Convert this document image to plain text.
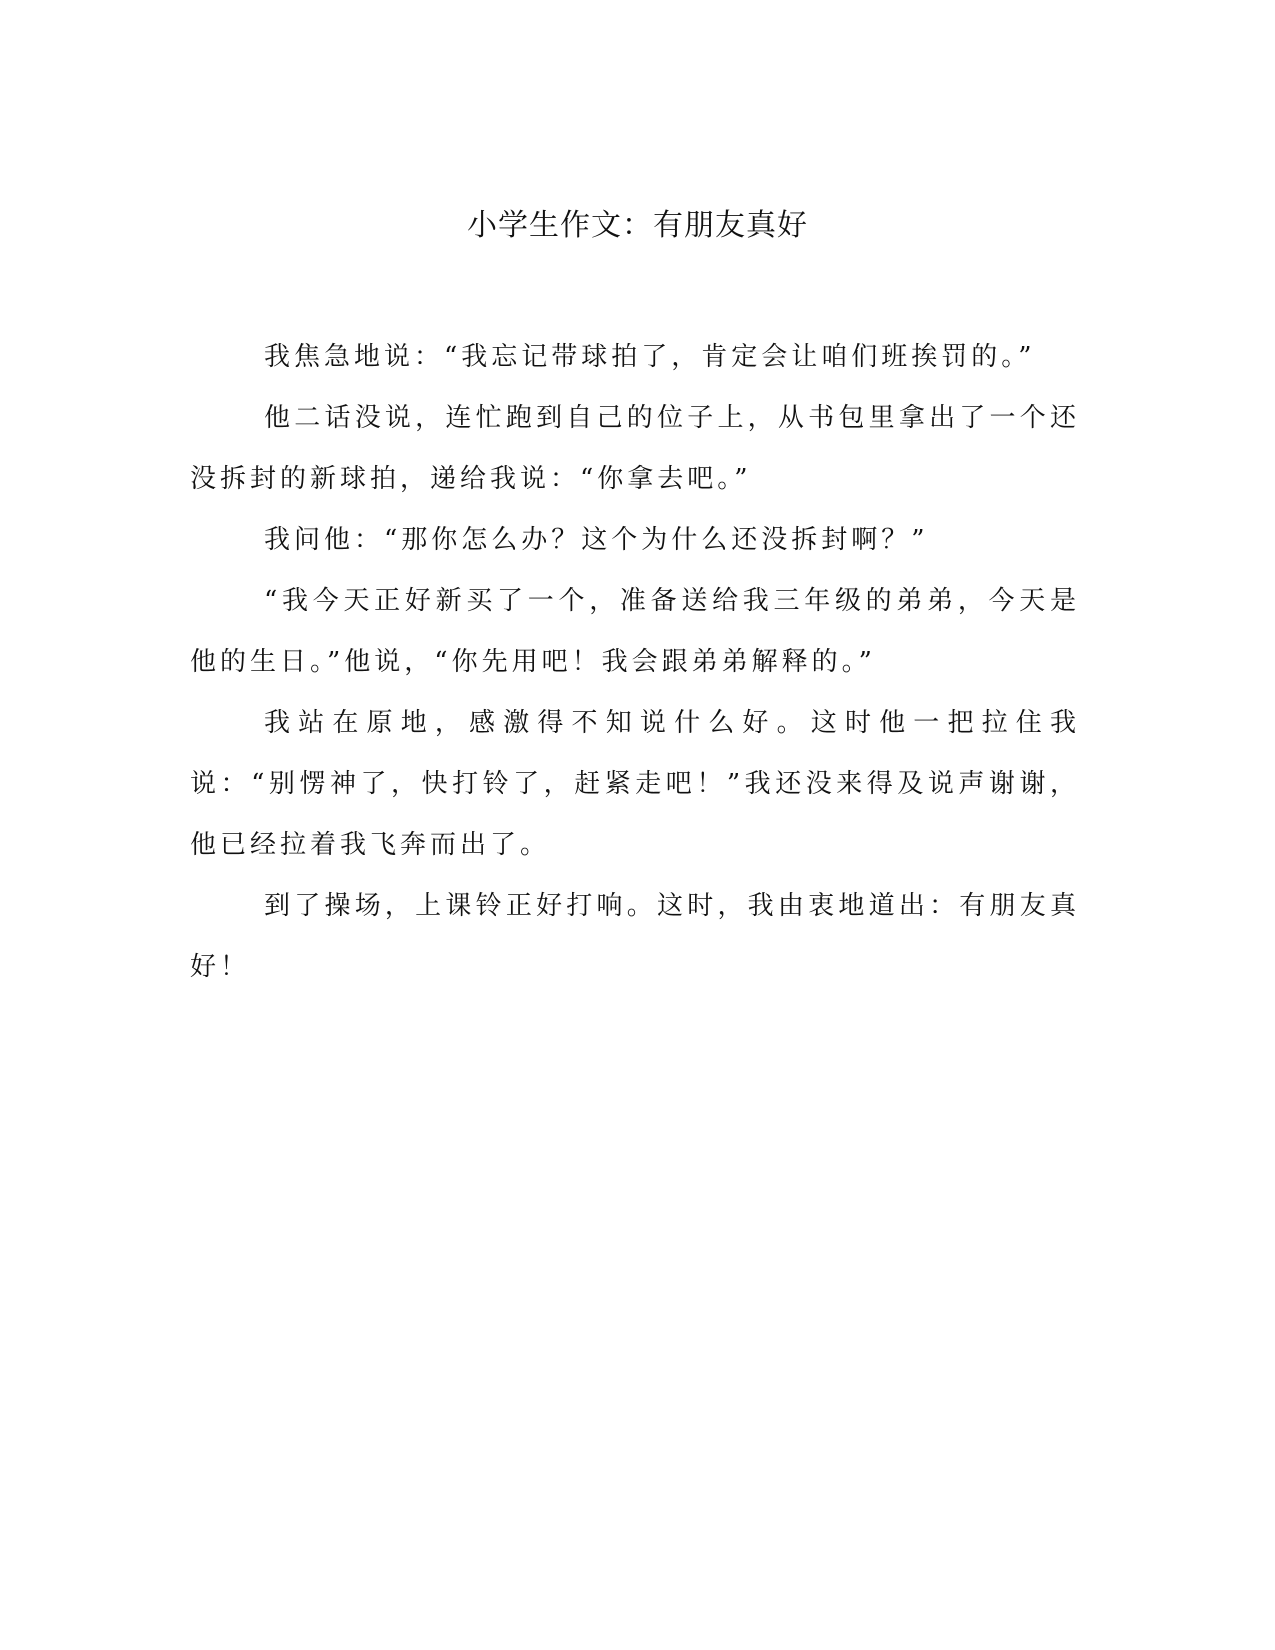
小学生作文：有朋友真好

我焦急地说：“我忘记带球拍了，肯定会让咱们班挨罚的。”

他二话没说，连忙跑到自己的位子上，从书包里拿出了一个还没拆封的新球拍，递给我说：“你拿去吧。”

我问他：“那你怎么办？这个为什么还没拆封啊？”

“我今天正好新买了一个，准备送给我三年级的弟弟，今天是他的生日。”他说，“你先用吧！我会跟弟弟解释的。”

我站在原地，感激得不知说什么好。这时他一把拉住我说：“别愣神了，快打铃了，赶紧走吧！”我还没来得及说声谢谢，他已经拉着我飞奔而出了。

到了操场，上课铃正好打响。这时，我由衷地道出：有朋友真好！
